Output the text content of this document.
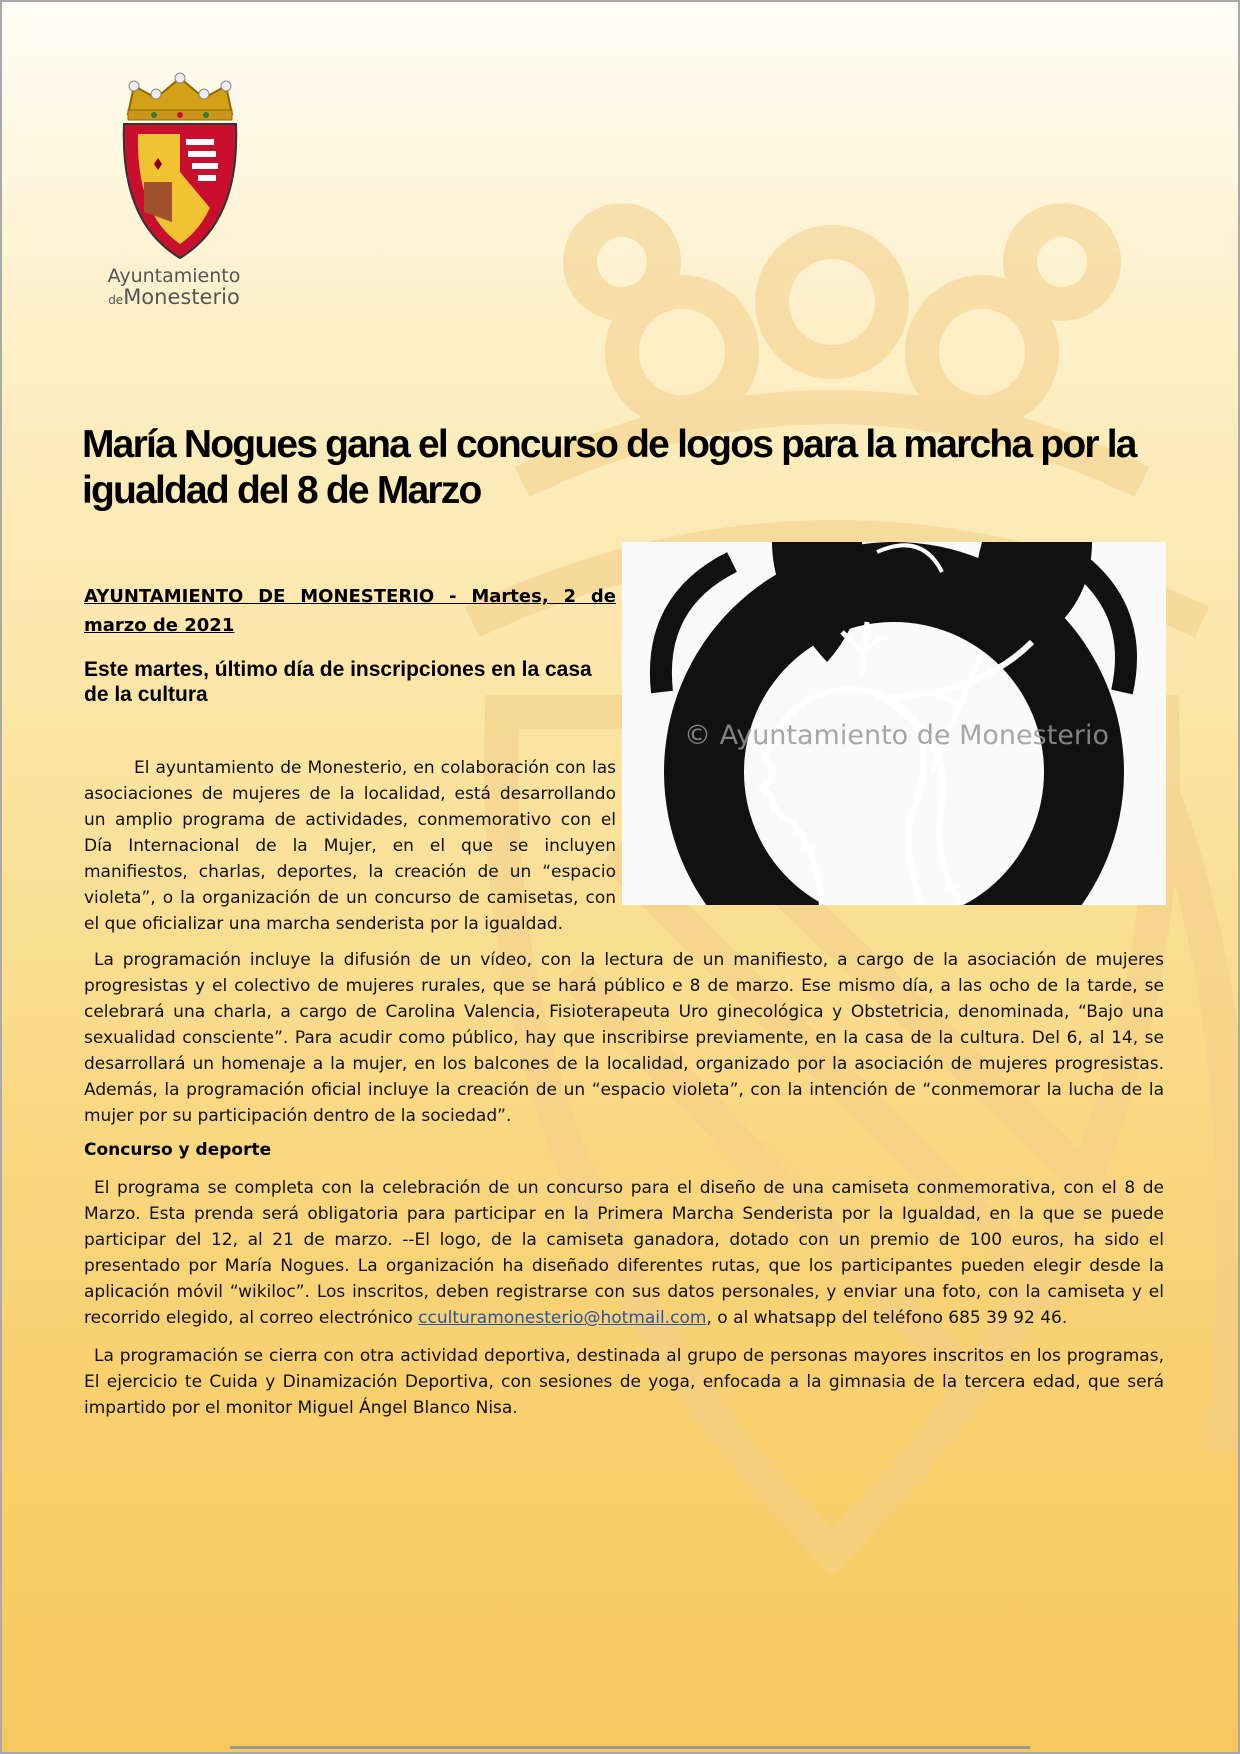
Ayuntamiento
deMonesterio
María Nogues gana el concurso de logos para la marcha por la igualdad del 8 de Marzo
AYUNTAMIENTO DE MONESTERIO - Martes, 2 de marzo de 2021
Este martes, último día de inscripciones en la casa de la cultura
© Ayuntamiento de Monesterio

El ayuntamiento de Monesterio, en colaboración con las asociaciones de mujeres de la localidad, está desarrollando un amplio programa de actividades, conmemorativo con el Día Internacional de la Mujer, en el que se incluyen manifiestos, charlas, deportes, la creación de un “espacio violeta”, o la organización de un concurso de camisetas, con el que oficializar una marcha senderista por la igualdad.

La programación incluye la difusión de un vídeo, con la lectura de un manifiesto, a cargo de la asociación de mujeres progresistas y el colectivo de mujeres rurales, que se hará público e 8 de marzo. Ese mismo día, a las ocho de la tarde, se celebrará una charla, a cargo de Carolina Valencia, Fisioterapeuta Uro ginecológica y Obstetricia, denominada, “Bajo una sexualidad consciente”. Para acudir como público, hay que inscribirse previamente, en la casa de la cultura. Del 6, al 14, se desarrollará un homenaje a la mujer, en los balcones de la localidad, organizado por la asociación de mujeres progresistas. Además, la programación oficial incluye la creación de un “espacio violeta”, con la intención de “conmemorar la lucha de la mujer por su participación dentro de la sociedad”.

Concurso y deporte

El programa se completa con la celebración de un concurso para el diseño de una camiseta conmemorativa, con el 8 de Marzo. Esta prenda será obligatoria para participar en la Primera Marcha Senderista por la Igualdad, en la que se puede participar del 12, al 21 de marzo. --El logo, de la camiseta ganadora, dotado con un premio de 100 euros, ha sido el presentado por María Nogues. La organización ha diseñado diferentes rutas, que los participantes pueden elegir desde la aplicación móvil “wikiloc”. Los inscritos, deben registrarse con sus datos personales, y enviar una foto, con la camiseta y el recorrido elegido, al correo electrónico cculturamonesterio@hotmail.com, o al whatsapp del teléfono 685 39 92 46.

La programación se cierra con otra actividad deportiva, destinada al grupo de personas mayores inscritos en los programas, El ejercicio te Cuida y Dinamización Deportiva, con sesiones de yoga, enfocada a la gimnasia de la tercera edad, que será impartido por el monitor Miguel Ángel Blanco Nisa.
